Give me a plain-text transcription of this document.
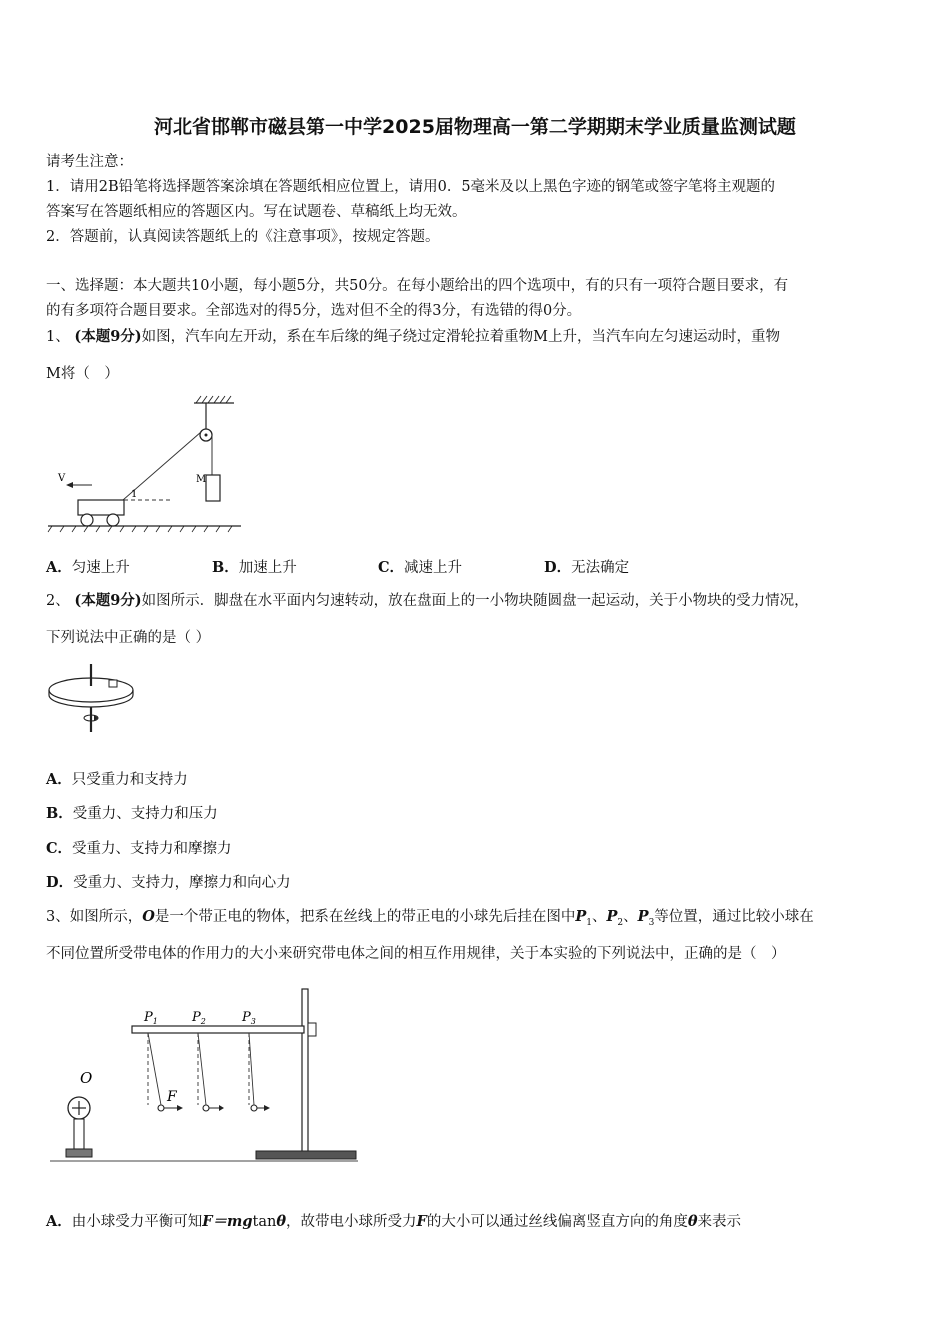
河北省邯郸市磁县第一中学2025届物理高一第二学期期末学业质量监测试题
请考生注意：
1．请用2B铅笔将选择题答案涂填在答题纸相应位置上，请用0．5毫米及以上黑色字迹的钢笔或签字笔将主观题的
答案写在答题纸相应的答题区内。写在试题卷、草稿纸上均无效。
2．答题前，认真阅读答题纸上的《注意事项》，按规定答题。
一、选择题：本大题共10小题，每小题5分，共50分。在每小题给出的四个选项中，有的只有一项符合题目要求，有
的有多项符合题目要求。全部选对的得5分，选对但不全的得3分，有选错的得0分。
1、 (本题9分)如图，汽车向左开动，系在车后缘的绳子绕过定滑轮拉着重物M上升，当汽车向左匀速运动时，重物
M将（　）
M
1
V
A．匀速上升	B．加速上升	C．减速上升	D．无法确定
2、 (本题9分)如图所示．脚盘在水平面内匀速转动，放在盘面上的一小物块随圆盘一起运动，关于小物块的受力情况，
下列说法中正确的是（ ）
A．只受重力和支持力
B．受重力、支持力和压力
C．受重力、支持力和摩擦力
D．受重力、支持力，摩擦力和向心力
3、如图所示，O是一个带正电的物体，把系在丝线上的带正电的小球先后挂在图中$P_1$、$P_2$、$P_3$等位置，通过比较小球在
不同位置所受带电体的作用力的大小来研究带电体之间的相互作用规律，关于本实验的下列说法中，正确的是（　）
$P_1$	$P_2$	$P_3$
F
O
A．由小球受力平衡可知F＝mgtanθ，故带电小球所受力F的大小可以通过丝线偏离竖直方向的角度θ来表示
